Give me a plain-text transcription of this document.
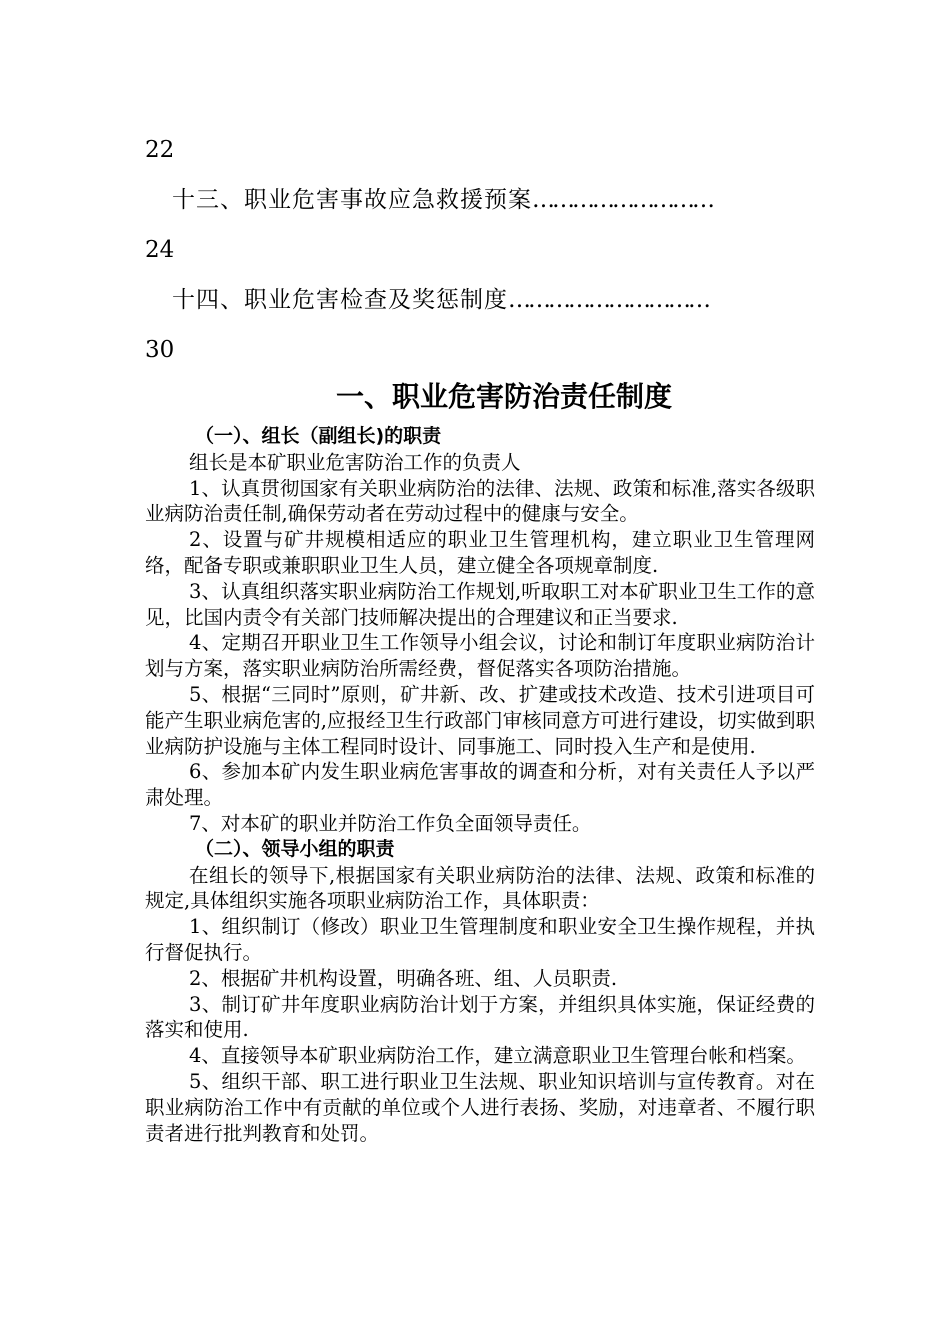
22
十三、职业危害事故应急救援预案………………………
24
十四、职业危害检查及奖惩制度…………………………
30
一、职业危害防治责任制度

（一）、组长（副组长)的职责

组长是本矿职业危害防治工作的负责人

1、认真贯彻国家有关职业病防治的法律、法规、政策和标准,落实各级职业病防治责任制,确保劳动者在劳动过程中的健康与安全。

2、设置与矿井规模相适应的职业卫生管理机构，建立职业卫生管理网络，配备专职或兼职职业卫生人员，建立健全各项规章制度.

3、认真组织落实职业病防治工作规划,听取职工对本矿职业卫生工作的意见，比国内责令有关部门技师解决提出的合理建议和正当要求.

4、定期召开职业卫生工作领导小组会议，讨论和制订年度职业病防治计划与方案，落实职业病防治所需经费，督促落实各项防治措施。

5、根据“三同时”原则，矿井新、改、扩建或技术改造、技术引进项目可能产生职业病危害的,应报经卫生行政部门审核同意方可进行建设，切实做到职业病防护设施与主体工程同时设计、同事施工、同时投入生产和是使用.

6、参加本矿内发生职业病危害事故的调查和分析，对有关责任人予以严肃处理。

7、对本矿的职业并防治工作负全面领导责任。

（二）、领导小组的职责

在组长的领导下,根据国家有关职业病防治的法律、法规、政策和标准的规定,具体组织实施各项职业病防治工作，具体职责：

1、组织制订（修改）职业卫生管理制度和职业安全卫生操作规程，并执行督促执行。

2、根据矿井机构设置，明确各班、组、人员职责.

3、制订矿井年度职业病防治计划于方案，并组织具体实施，保证经费的落实和使用.

4、直接领导本矿职业病防治工作，建立满意职业卫生管理台帐和档案。

5、组织干部、职工进行职业卫生法规、职业知识培训与宣传教育。对在职业病防治工作中有贡献的单位或个人进行表扬、奖励，对违章者、不履行职责者进行批判教育和处罚。
